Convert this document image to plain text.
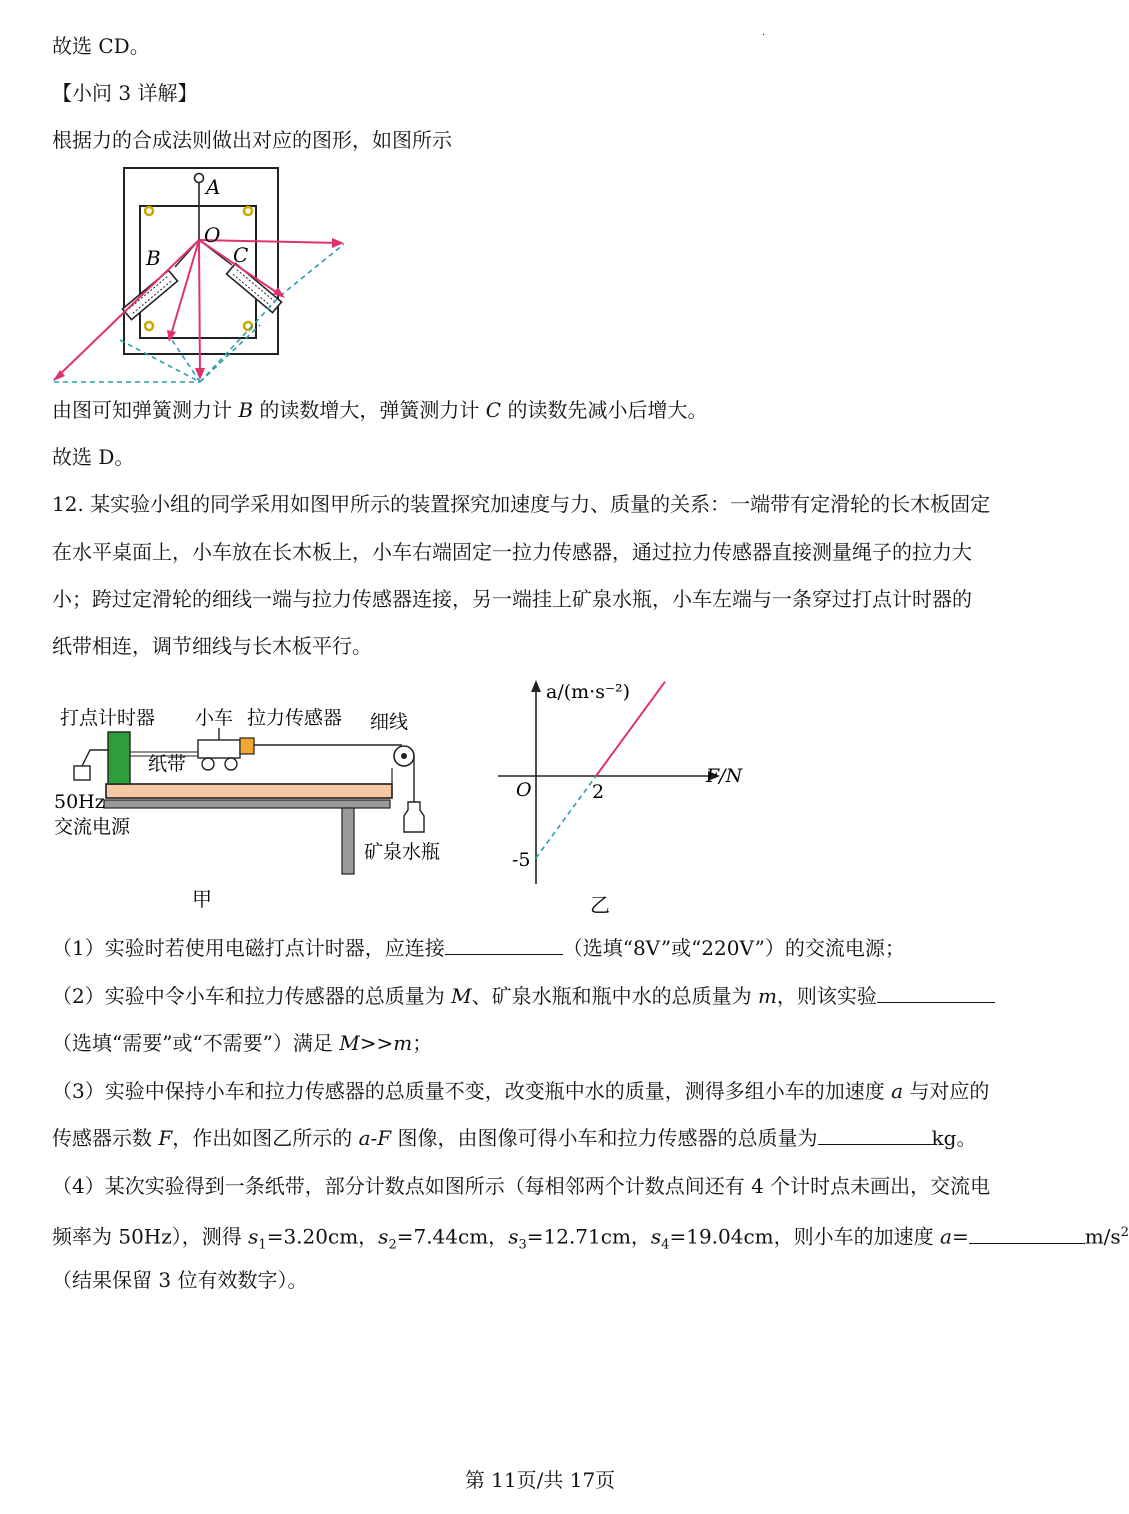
·
故选 CD。
【小问 3 详解】
根据力的合成法则做出对应的图形，如图所示
A
O
B	C
由图可知弹簧测力计 B 的读数增大，弹簧测力计 C 的读数先减小后增大。
故选 D。
12. 某实验小组的同学采用如图甲所示的装置探究加速度与力、质量的关系：一端带有定滑轮的长木板固定
在水平桌面上，小车放在长木板上，小车右端固定一拉力传感器，通过拉力传感器直接测量绳子的拉力大
小；跨过定滑轮的细线一端与拉力传感器连接，另一端挂上矿泉水瓶，小车左端与一条穿过打点计时器的
纸带相连，调节细线与长木板平行。
打点计时器 小车 拉力传感器 细线
纸带
50Hz
交流电源
矿泉水瓶
甲
a/(m·s⁻²)
F/N
O	2
-5
乙
（1）实验时若使用电磁打点计时器，应连接	（选填“8V”或“220V”）的交流电源；
（2）实验中令小车和拉力传感器的总质量为 M、矿泉水瓶和瓶中水的总质量为 m，则该实验
（选填“需要”或“不需要”）满足 M>>m；
（3）实验中保持小车和拉力传感器的总质量不变，改变瓶中水的质量，测得多组小车的加速度 a 与对应的
传感器示数 F，作出如图乙所示的 a-F 图像，由图像可得小车和拉力传感器的总质量为	kg。
（4）某次实验得到一条纸带，部分计数点如图所示（每相邻两个计数点间还有 4 个计时点未画出，交流电
频率为 50Hz），测得 $s_1=3.20cm$，$s_2=7.44cm$，$s_3=12.71cm$，$s_4=19.04cm$，则小车的加速度 a=	$m/s^2$
（结果保留 3 位有效数字）。
第 11页/共 17页
